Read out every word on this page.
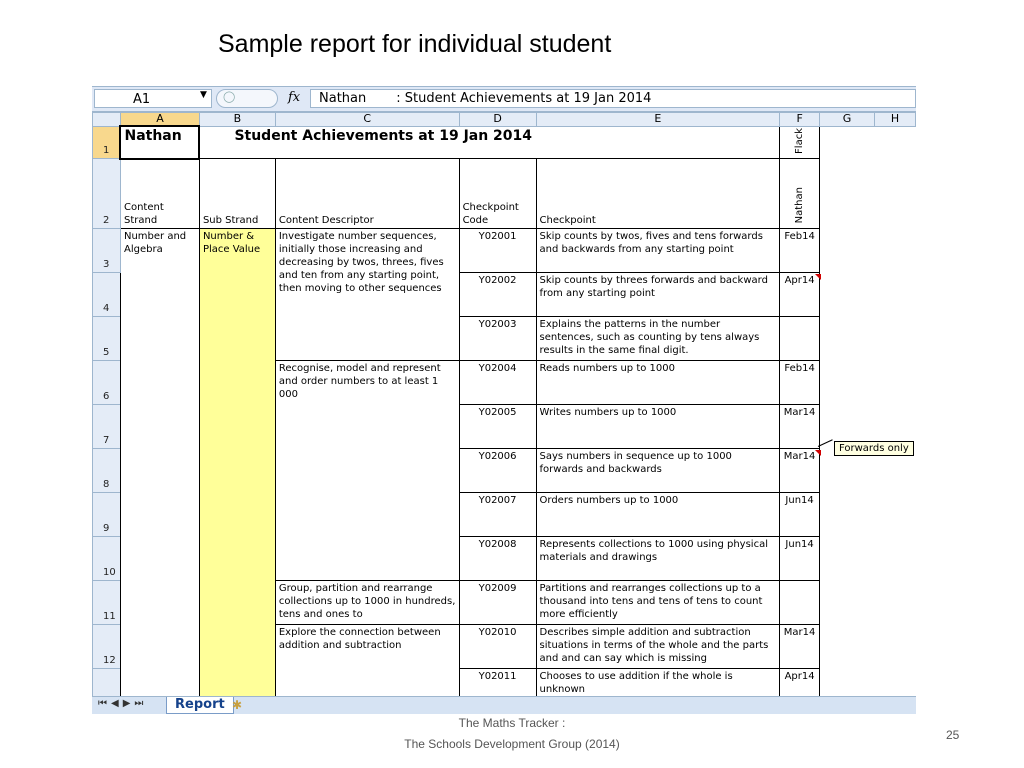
Sample report for individual student
A1	▼ ◯	fx	Nathan : Student Achievements at 19 Jan 2014
	A	B	C	D	E	F	G	H
1	Nathan	Student Achievements at 19 Jan 2014				Flack		
2	Content Strand	Sub Strand	Content Descriptor	Checkpoint Code	Checkpoint	Nathan		
3	Number and Algebra	Number & Place Value	Investigate number sequences, initially those increasing and decreasing by twos, threes, fives and ten from any starting point, then moving to other sequences	Y02001	Skip counts by twos, fives and tens forwards and backwards from any starting point	Feb14		
4				Y02002	Skip counts by threes forwards and backward from any starting point	Apr14		
5				Y02003	Explains the patterns in the number sentences, such as counting by tens always results in the same final digit.			
6			Recognise, model and represent and order numbers to at least 1 000	Y02004	Reads numbers up to 1000	Feb14		
7				Y02005	Writes numbers up to 1000	Mar14		
8				Y02006	Says numbers in sequence up to 1000 forwards and backwards	Mar14		
9				Y02007	Orders numbers up to 1000	Jun14		
10				Y02008	Represents collections to 1000 using physical materials and drawings	Jun14		
11			Group, partition and rearrange collections up to 1000 in hundreds, tens and ones to	Y02009	Partitions and rearranges collections up to a thousand into tens and tens of tens to count more efficiently			
12			Explore the connection between addition and subtraction	Y02010	Describes simple addition and subtraction situations in terms of the whole and the parts and and can say which is missing	Mar14		
				Y02011	Chooses to use addition if the whole is unknown	Apr14		
Forwards only
⏮◀▶⏭	Report ✱
The Maths Tracker :
The Schools Development Group (2014)
25
